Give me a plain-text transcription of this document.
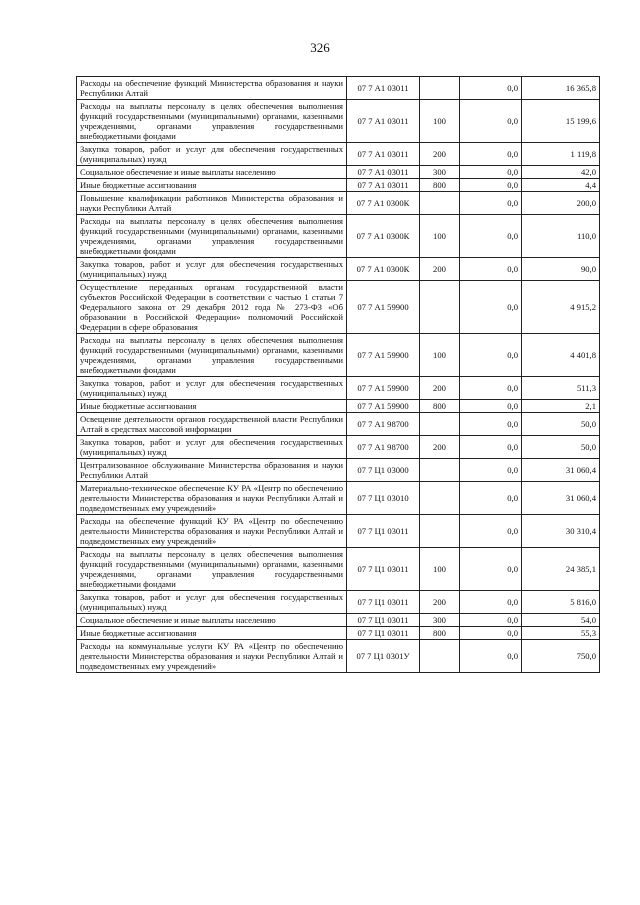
326
Расходы на обеспечение функций Министерства образования и науки Республики Алтай	07 7 А1 03011		0,0	16 365,8
Расходы на выплаты персоналу в целях обеспечения выполнения функций государственными (муниципальными) органами, казенными учреждениями, органами управления государственными внебюджетными фондами	07 7 А1 03011	100	0,0	15 199,6
Закупка товаров, работ и услуг для обеспечения государственных (муниципальных) нужд	07 7 А1 03011	200	0,0	1 119,8
Социальное обеспечение и иные выплаты населению	07 7 А1 03011	300	0,0	42,0
Иные бюджетные ассигнования	07 7 А1 03011	800	0,0	4,4
Повышение квалификации работников Министерства образования и науки Республики Алтай	07 7 А1 0300К		0,0	200,0
Расходы на выплаты персоналу в целях обеспечения выполнения функций государственными (муниципальными) органами, казенными учреждениями, органами управления государственными внебюджетными фондами	07 7 А1 0300К	100	0,0	110,0
Закупка товаров, работ и услуг для обеспечения государственных (муниципальных) нужд	07 7 А1 0300К	200	0,0	90,0
Осуществление переданных органам государственной власти субъектов Российской Федерации в соответствии с частью 1 статьи 7 Федерального закона от 29 декабря 2012 года № 273-ФЗ «Об образовании в Российской Федерации» полномочий Российской Федерации в сфере образования	07 7 А1 59900		0,0	4 915,2
Расходы на выплаты персоналу в целях обеспечения выполнения функций государственными (муниципальными) органами, казенными учреждениями, органами управления государственными внебюджетными фондами	07 7 А1 59900	100	0,0	4 401,8
Закупка товаров, работ и услуг для обеспечения государственных (муниципальных) нужд	07 7 А1 59900	200	0,0	511,3
Иные бюджетные ассигнования	07 7 А1 59900	800	0,0	2,1
Освещение деятельности органов государственной власти Республики Алтай в средствах массовой информации	07 7 А1 98700		0,0	50,0
Закупка товаров, работ и услуг для обеспечения государственных (муниципальных) нужд	07 7 А1 98700	200	0,0	50,0
Централизованное обслуживание Министерства образования и науки Республики Алтай	07 7 Ц1 03000		0,0	31 060,4
Материально-техническое обеспечение КУ РА «Центр по обеспечению деятельности Министерства образования и науки Республики Алтай и подведомственных ему учреждений»	07 7 Ц1 03010		0,0	31 060,4
Расходы на обеспечение функций КУ РА «Центр по обеспечению деятельности Министерства образования и науки Республики Алтай и подведомственных ему учреждений»	07 7 Ц1 03011		0,0	30 310,4
Расходы на выплаты персоналу в целях обеспечения выполнения функций государственными (муниципальными) органами, казенными учреждениями, органами управления государственными внебюджетными фондами	07 7 Ц1 03011	100	0,0	24 385,1
Закупка товаров, работ и услуг для обеспечения государственных (муниципальных) нужд	07 7 Ц1 03011	200	0,0	5 816,0
Социальное обеспечение и иные выплаты населению	07 7 Ц1 03011	300	0,0	54,0
Иные бюджетные ассигнования	07 7 Ц1 03011	800	0,0	55,3
Расходы на коммунальные услуги КУ РА «Центр по обеспечению деятельности Министерства образования и науки Республики Алтай и подведомственных ему учреждений»	07 7 Ц1 0301У		0,0	750,0
